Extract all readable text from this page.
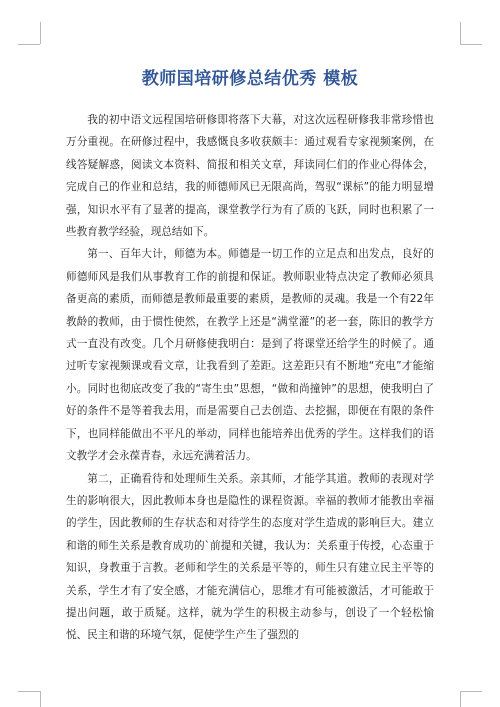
教师国培研修总结优秀 模板

我的初中语文远程国培研修即将落下大幕，对这次远程研修我非常珍惜也万分重视。在研修过程中，我感慨良多收获颇丰：通过观看专家视频案例，在线答疑解惑，阅读文本资料、简报和相关文章，拜读同仁们的作业心得体会，完成自己的作业和总结，我的师德师风已无限高尚，驾驭“课标”的能力明显增强，知识水平有了显著的提高，课堂教学行为有了质的飞跃，同时也积累了一些教育教学经验，现总结如下。

第一、百年大计，师德为本。师德是一切工作的立足点和出发点，良好的师德师风是我们从事教育工作的前提和保证。教师职业特点决定了教师必须具备更高的素质，而师德是教师最重要的素质，是教师的灵魂。我是一个有22年教龄的教师，由于惯性使然，在教学上还是“满堂灌”的老一套，陈旧的教学方式一直没有改变。几个月研修使我明白：是到了将课堂还给学生的时候了。通过听专家视频课或看文章，让我看到了差距。这差距只有不断地“充电”才能缩小。同时也彻底改变了我的“寄生虫”思想，“做和尚撞钟”的思想，使我明白了好的条件不是等着我去用，而是需要自己去创造、去挖掘，即便在有限的条件下，也同样能做出不平凡的举动，同样也能培养出优秀的学生。这样我们的语文教学才会永葆青春，永远充满着活力。

第二，正确看待和处理师生关系。亲其师，才能学其道。教师的表现对学生的影响很大，因此教师本身也是隐性的课程资源。幸福的教师才能教出幸福的学生，因此教师的生存状态和对待学生的态度对学生造成的影响巨大。建立和谐的师生关系是教育成功的`前提和关键，我认为：关系重于传授，心态重于知识，身教重于言教。老师和学生的关系是平等的，师生只有建立民主平等的关系，学生才有了安全感，才能充满信心，思维才有可能被激活，才可能敢于提出问题，敢于质疑。这样，就为学生的积极主动参与，创设了一个轻松愉悦、民主和谐的环境气氛，促使学生产生了强烈的
